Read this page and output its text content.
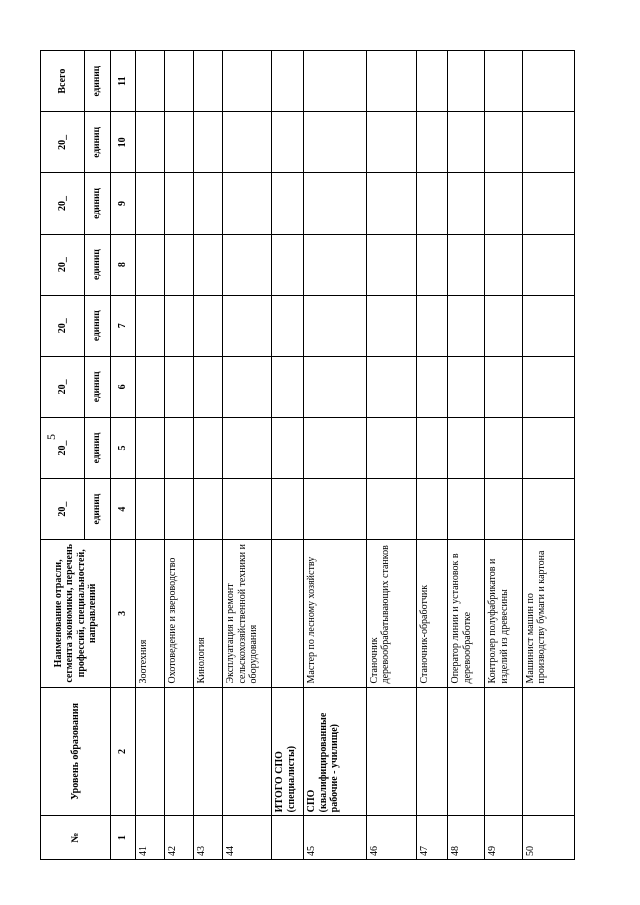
5
№	Уровень образования	Наименование отрасли, сегмента экономики, перечень профессий, специальностей, направлений	20_	20_	20_	20_	20_	20_	20_	Всего
			единиц	единиц	единиц	единиц	единиц	единиц	единиц	единиц
1	2	3	4	5	6	7	8	9	10	11
41		Зоотехния								
42		Охотоведение и звероводство								
43		Кинология								
44		Эксплуатация и ремонт сельскохозяйственной техники и оборудования								
	ИТОГО СПО (специалисты)									
45	СПО (квалифицированные рабочие - училище)	Мастер по лесному хозяйству								
46		Станочник деревообрабатывающих станков								
47		Станочник-обработчик								
48		Оператор линии и установок в деревообработке								
49		Контролер полуфабрикатов и изделий из древесины								
50		Машинист машин по производству бумаги и картона								
